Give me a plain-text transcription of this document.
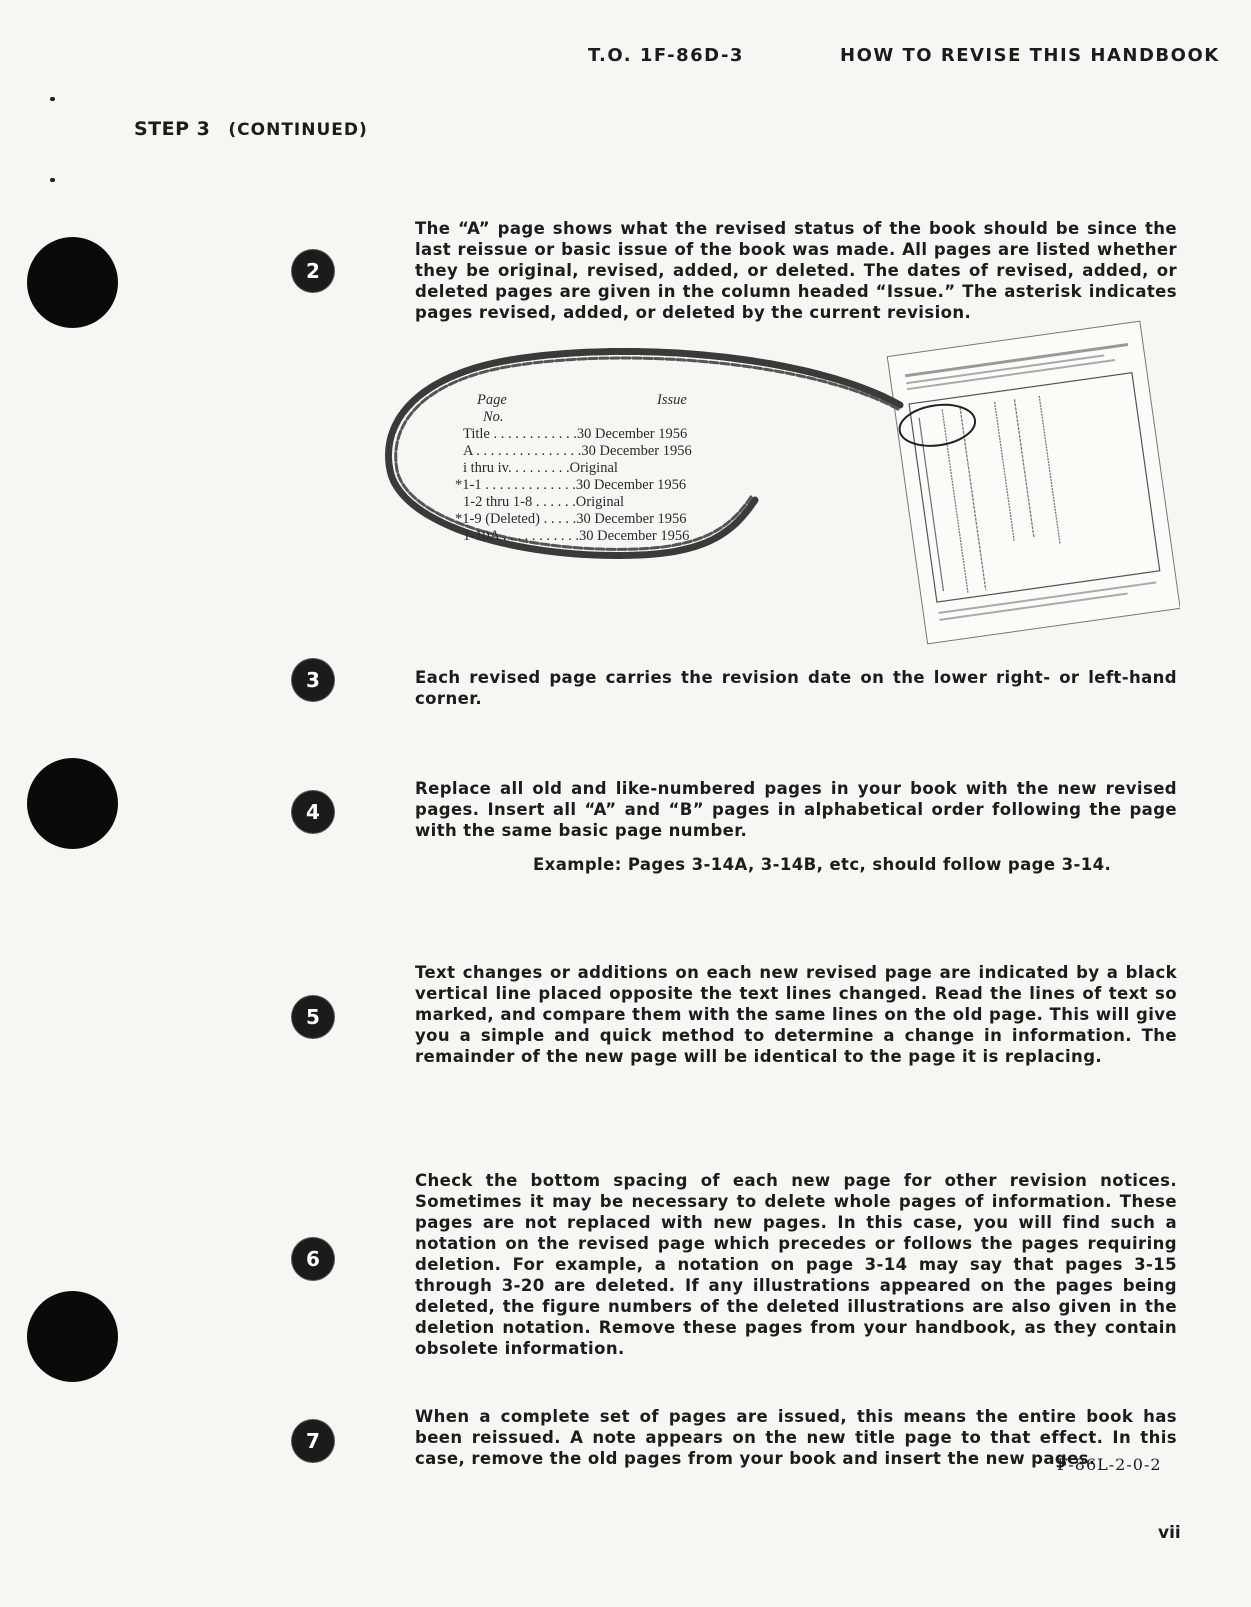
T.O. 1F-86D-3	HOW TO REVISE THIS HANDBOOK
STEP 3 (CONTINUED)
2

The “A” page shows what the revised status of the book should be since the last reissue or basic issue of the book was made. All pages are listed whether they be original, revised, added, or deleted. The dates of revised, added, or deleted pages are given in the column headed “Issue.” The asterisk indicates pages revised, added, or deleted by the current revision.

Page	Issue
No.
Title . . . . . . . . . . . .30 December 1956
A . . . . . . . . . . . . . . .30 December 1956
i thru iv. . . . . . . . .Original
*1-1 . . . . . . . . . . . . .30 December 1956
1-2 thru 1-8 . . . . . .Original
*1-9 (Deleted) . . . . .30 December 1956
1-10A . . . . . . . . . . .30 December 1956
3	Each revised page carries the revision date on the lower right- or left-hand corner.

4

Replace all old and like-numbered pages in your book with the new revised pages. Insert all “A” and “B” pages in alphabetical order following the page with the same basic page number.

Example: Pages 3-14A, 3-14B, etc, should follow page 3-14.
5

Text changes or additions on each new revised page are indicated by a black vertical line placed opposite the text lines changed. Read the lines of text so marked, and compare them with the same lines on the old page. This will give you a simple and quick method to determine a change in information. The remainder of the new page will be identical to the page it is replacing.

6

Check the bottom spacing of each new page for other revision notices. Sometimes it may be necessary to delete whole pages of information. These pages are not replaced with new pages. In this case, you will find such a notation on the revised page which precedes or follows the pages requiring deletion. For example, a notation on page 3-14 may say that pages 3-15 through 3-20 are deleted. If any illustrations appeared on the pages being deleted, the figure numbers of the deleted illustrations are also given in the deletion notation. Remove these pages from your handbook, as they contain obsolete information.

7

When a complete set of pages are issued, this means the entire book has been reissued. A note appears on the new title page to that effect. In this case, remove the old pages from your book and insert the new pages.

F-86L-2-0-2
vii
